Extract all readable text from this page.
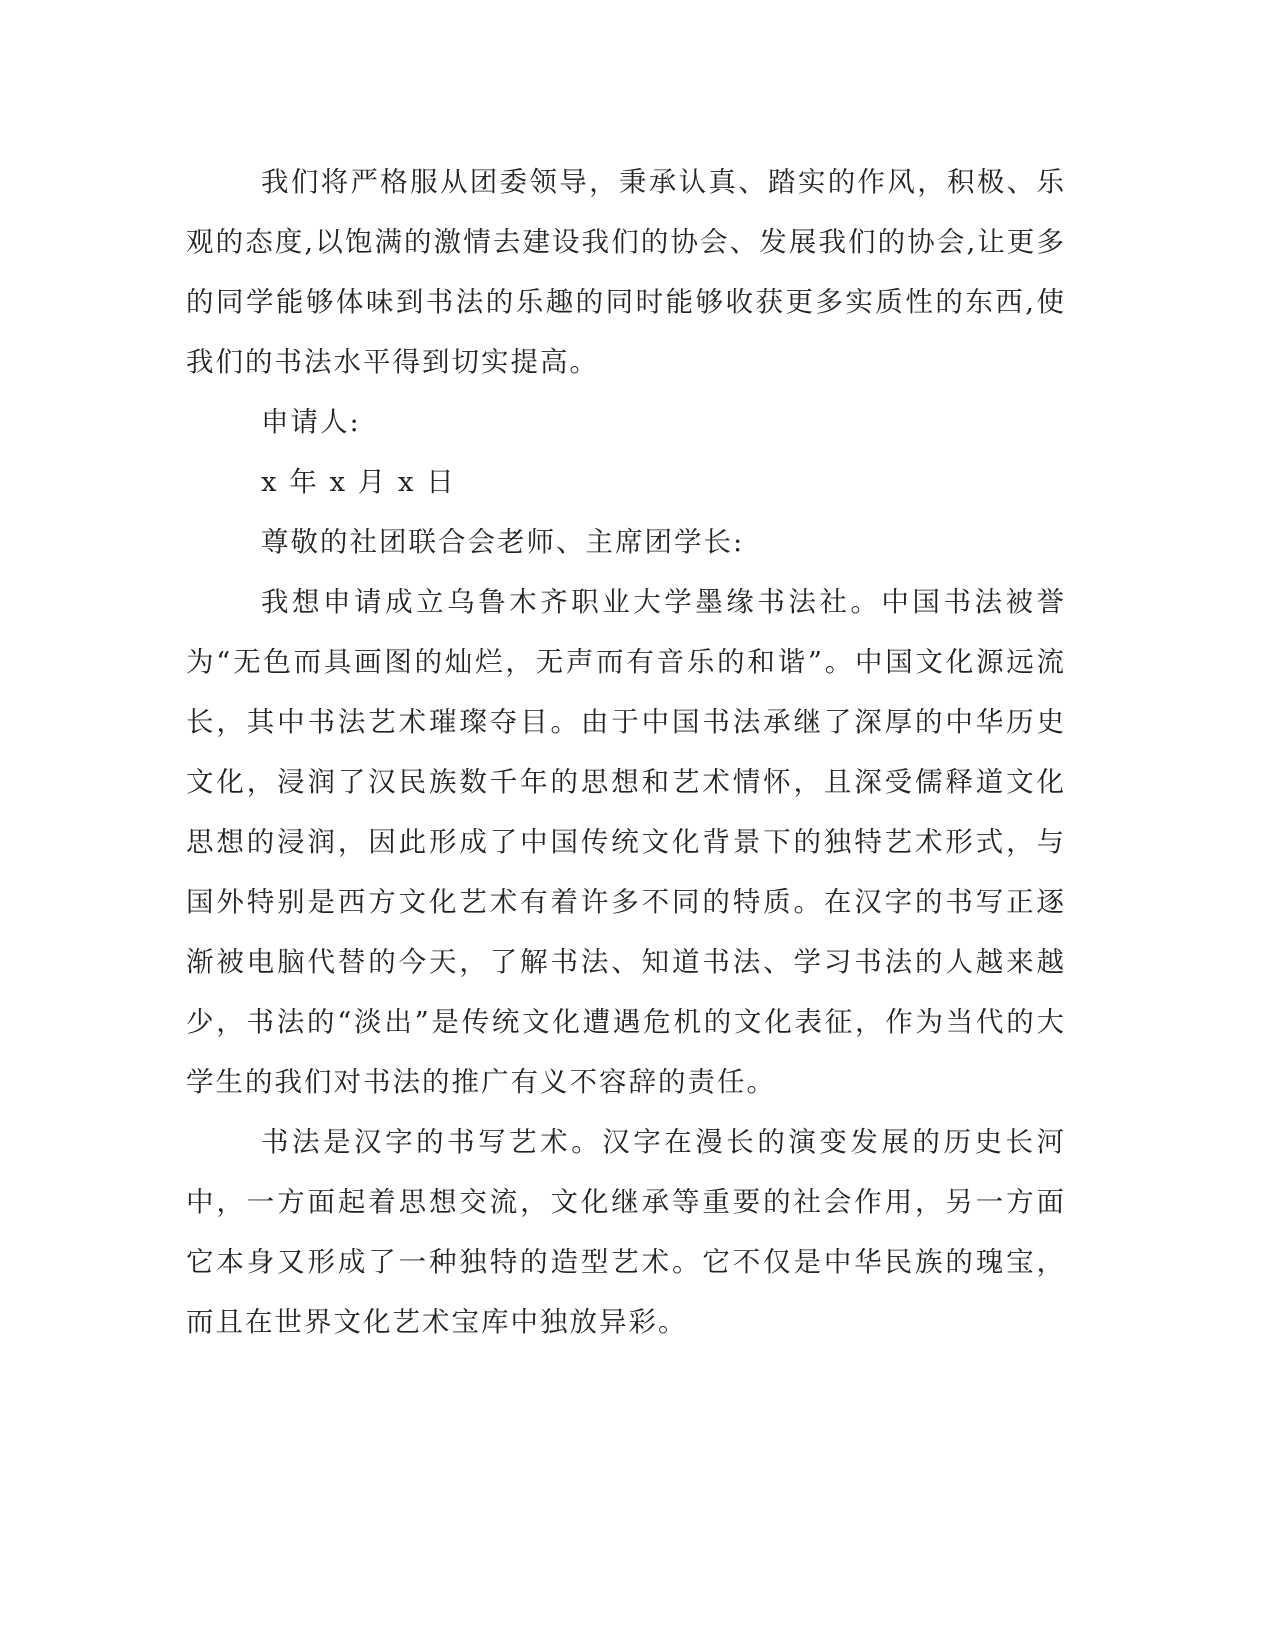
我们将严格服从团委领导，秉承认真、踏实的作风，积极、乐观的态度,以饱满的激情去建设我们的协会、发展我们的协会,让更多的同学能够体味到书法的乐趣的同时能够收获更多实质性的东西,使我们的书法水平得到切实提高。

申请人:

x 年 x 月 x 日

尊敬的社团联合会老师、主席团学长:

我想申请成立乌鲁木齐职业大学墨缘书法社。中国书法被誉为“无色而具画图的灿烂，无声而有音乐的和谐”。中国文化源远流长，其中书法艺术璀璨夺目。由于中国书法承继了深厚的中华历史文化，浸润了汉民族数千年的思想和艺术情怀，且深受儒释道文化思想的浸润，因此形成了中国传统文化背景下的独特艺术形式，与国外特别是西方文化艺术有着许多不同的特质。在汉字的书写正逐渐被电脑代替的今天，了解书法、知道书法、学习书法的人越来越少，书法的“淡出”是传统文化遭遇危机的文化表征，作为当代的大学生的我们对书法的推广有义不容辞的责任。

书法是汉字的书写艺术。汉字在漫长的演变发展的历史长河中，一方面起着思想交流，文化继承等重要的社会作用，另一方面它本身又形成了一种独特的造型艺术。它不仅是中华民族的瑰宝，而且在世界文化艺术宝库中独放异彩。
